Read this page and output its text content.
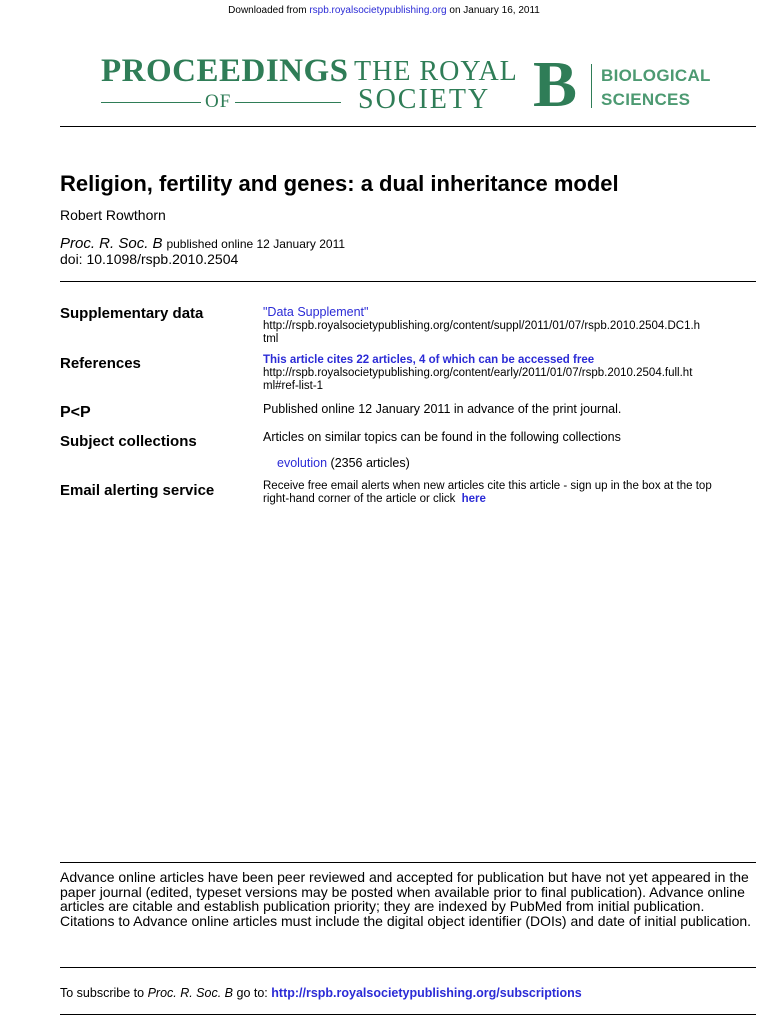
Downloaded from rspb.royalsocietypublishing.org on January 16, 2011
PROCEEDINGS
OF
THE ROYAL
SOCIETY B BIOLOGICAL
SCIENCES
Religion, fertility and genes: a dual inheritance model
Robert Rowthorn
Proc. R. Soc. B published online 12 January 2011
doi: 10.1098/rspb.2010.2504
Supplementary data	"Data Supplement"
http://rspb.royalsocietypublishing.org/content/suppl/2011/01/07/rspb.2010.2504.DC1.h
tml
References	This article cites 22 articles, 4 of which can be accessed free
http://rspb.royalsocietypublishing.org/content/early/2011/01/07/rspb.2010.2504.full.ht
ml#ref-list-1
P<P	Published online 12 January 2011 in advance of the print journal.
Subject collections	Articles on similar topics can be found in the following collections
evolution (2356 articles)
Email alerting service	Receive free email alerts when new articles cite this article - sign up in the box at the top
right-hand corner of the article or click here
Advance online articles have been peer reviewed and accepted for publication but have not yet appeared in the paper journal (edited, typeset versions may be posted when available prior to final publication). Advance online articles are citable and establish publication priority; they are indexed by PubMed from initial publication. Citations to Advance online articles must include the digital object identifier (DOIs) and date of initial publication.
To subscribe to Proc. R. Soc. B go to: http://rspb.royalsocietypublishing.org/subscriptions
